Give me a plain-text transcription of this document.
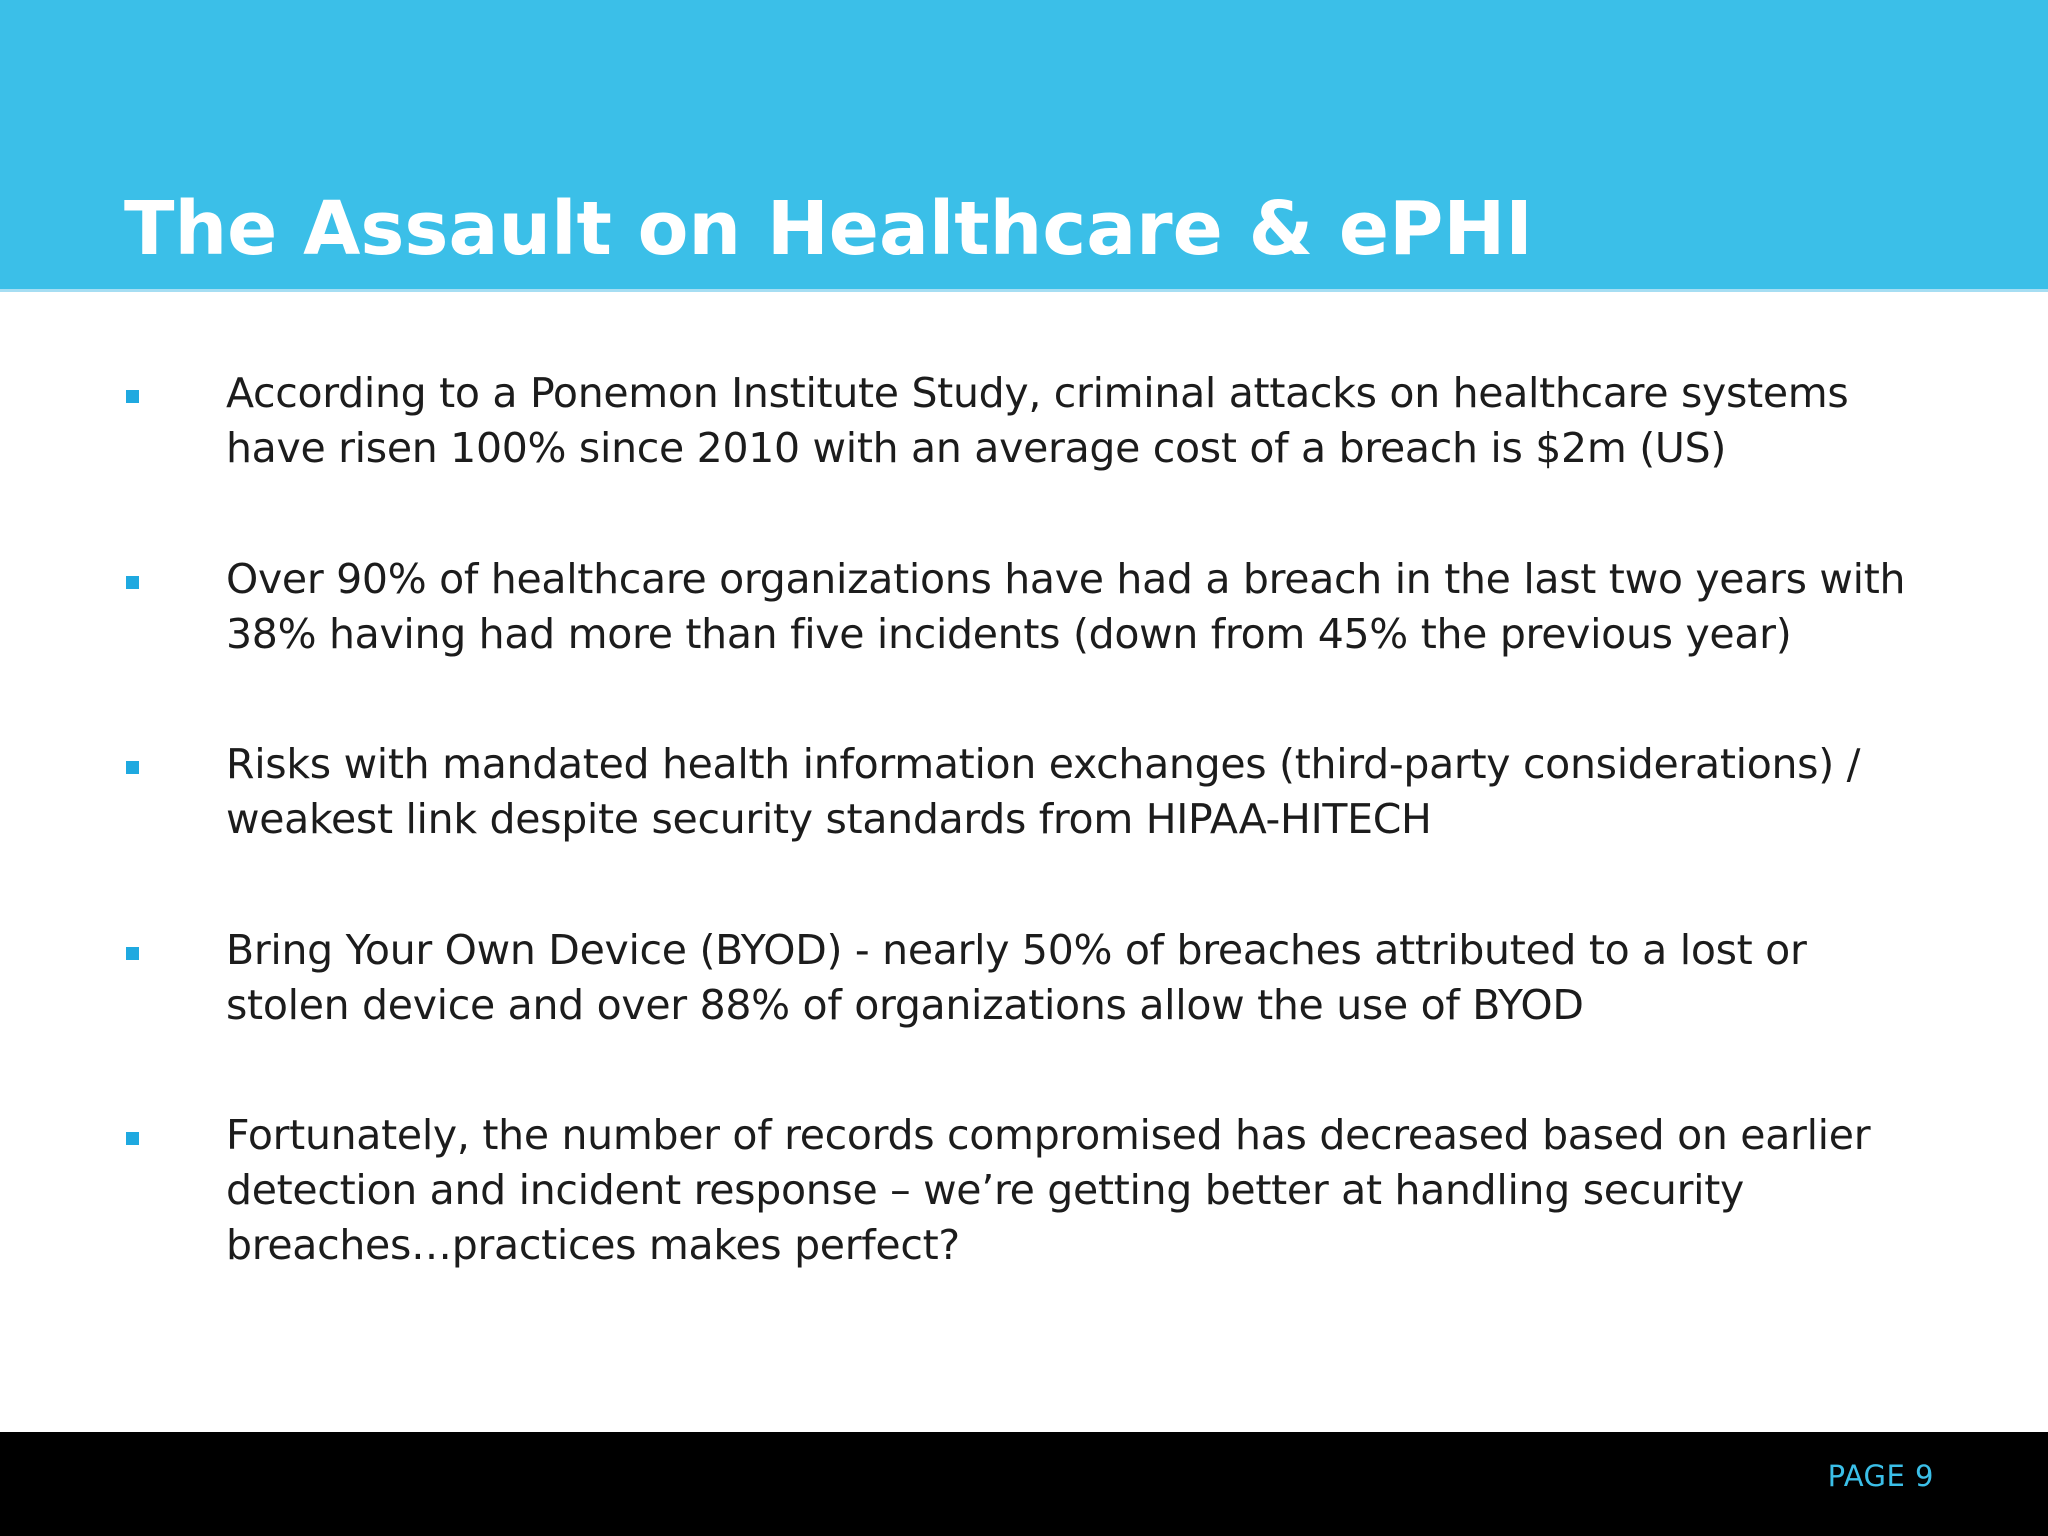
The Assault on Healthcare & ePHI
According to a Ponemon Institute Study, criminal attacks on healthcare systems have risen 100% since 2010 with an average cost of a breach is $2m (US)
Over 90% of healthcare organizations have had a breach in the last two years with 38% having had more than five incidents (down from 45% the previous year)
Risks with mandated health information exchanges (third-party considerations) / weakest link despite security standards from HIPAA-HITECH
Bring Your Own Device (BYOD) - nearly 50% of breaches attributed to a lost or stolen device and over 88% of organizations allow the use of BYOD
Fortunately, the number of records compromised has decreased based on earlier detection and incident response – we’re getting better at handling security breaches…practices makes perfect?
PAGE 9
